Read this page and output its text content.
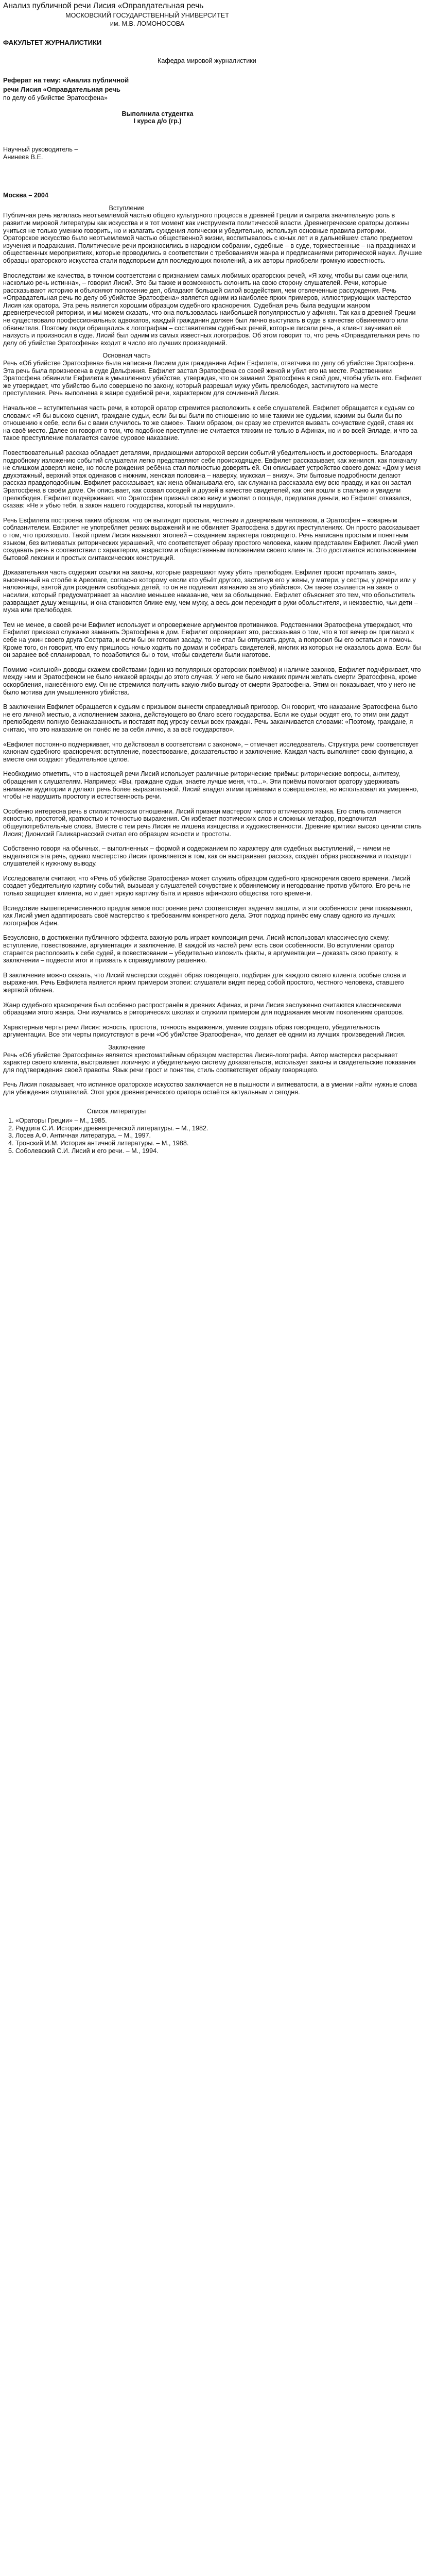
Анализ публичной речи Лисия «Оправдательная речь
МОСКОВСКИЙ ГОСУДАРСТВЕННЫЙ УНИВЕРСИТЕТ
им. М.В. ЛОМОНОСОВА
ФАКУЛЬТЕТ ЖУРНАЛИСТИКИ
Кафедра мировой журналистики
Реферат на тему: «Анализ публичной
речи Лисия «Оправдательная речь
по делу об убийстве Эратосфена»
Выполнила студентка
I курса д/о (гр.)
Научный руководитель –
Анинеев В.Е.
Москва – 2004
Вступление

Публичная речь являлась неотъемлемой частью общего культурного процесса в древней Греции и сыграла значительную роль в развитии мировой литературы как искусства и в тот момент как инструмента политической власти. Древнегреческие ораторы должны учиться не только умению говорить, но и излагать суждения логически и убедительно, используя основные правила риторики. Ораторское искусство было неотъемлемой частью общественной жизни, воспитывалось с юных лет и в дальнейшем стало предметом изучения и подражания. Политические речи произносились в народном собрании, судебные – в суде, торжественные – на праздниках и общественных мероприятиях, которые проводились в соответствии с требованиями жанра и предписаниями риторической науки. Лучшие образцы ораторского искусства стали подспорьем для последующих поколений, а их авторы приобрели громкую известность.

Впоследствии же качества, в точном соответствии с признанием самых любимых ораторских речей, «Я хочу, чтобы вы сами оценили, насколько речь истинна», – говорил Лисий. Это бы также и возможность склонить на свою сторону слушателей. Речи, которые рассказывают историю и объясняют положение дел, обладают большей силой воздействия, чем отвлеченные рассуждения. Речь «Оправдательная речь по делу об убийстве Эратосфена» является одним из наиболее ярких примеров, иллюстрирующих мастерство Лисия как оратора. Эта речь является хорошим образцом судебного красноречия. Судебная речь была ведущим жанром древнегреческой риторики, и мы можем сказать, что она пользовалась наибольшей популярностью у афинян. Так как в древней Греции не существовало профессиональных адвокатов, каждый гражданин должен был лично выступать в суде в качестве обвиняемого или обвинителя. Поэтому люди обращались к логографам – составителям судебных речей, которые писали речь, а клиент заучивал её наизусть и произносил в суде. Лисий был одним из самых известных логографов. Об этом говорит то, что речь «Оправдательная речь по делу об убийстве Эратосфена» входит в число его лучших произведений.

Основная часть

Речь «Об убийстве Эратосфена» была написана Лисием для гражданина Афин Евфилета, ответчика по делу об убийстве Эратосфена. Эта речь была произнесена в суде Дельфиния. Евфилет застал Эратосфена со своей женой и убил его на месте. Родственники Эратосфена обвинили Евфилета в умышленном убийстве, утверждая, что он заманил Эратосфена в свой дом, чтобы убить его. Евфилет же утверждает, что убийство было совершено по закону, который разрешал мужу убить прелюбодея, застигнутого на месте преступления. Речь выполнена в жанре судебной речи, характерном для сочинений Лисия.

Начальное – вступительная часть речи, в которой оратор стремится расположить к себе слушателей. Евфилет обращается к судьям со словами: «Я бы высоко оценил, граждане судьи, если бы вы были по отношению ко мне такими же судьями, какими вы были бы по отношению к себе, если бы с вами случилось то же самое». Таким образом, он сразу же стремится вызвать сочувствие судей, ставя их на своё место. Далее он говорит о том, что подобное преступление считается тяжким не только в Афинах, но и во всей Элладе, и что за такое преступление полагается самое суровое наказание.

Повествовательный рассказ обладает деталями, придающими авторской версии событий убедительность и достоверность. Благодаря подробному изложению событий слушатели легко представляют себе происходящее. Евфилет рассказывает, как женился, как поначалу не слишком доверял жене, но после рождения ребёнка стал полностью доверять ей. Он описывает устройство своего дома: «Дом у меня двухэтажный, верхний этаж одинаков с нижним, женская половина – наверху, мужская – внизу». Эти бытовые подробности делают рассказ правдоподобным. Евфилет рассказывает, как жена обманывала его, как служанка рассказала ему всю правду, и как он застал Эратосфена в своём доме. Он описывает, как созвал соседей и друзей в качестве свидетелей, как они вошли в спальню и увидели прелюбодея. Евфилет подчёркивает, что Эратосфен признал свою вину и умолял о пощаде, предлагая деньги, но Евфилет отказался, сказав: «Не я убью тебя, а закон нашего государства, который ты нарушил».

Речь Евфилета построена таким образом, что он выглядит простым, честным и доверчивым человеком, а Эратосфен – коварным соблазнителем. Евфилет не употребляет резких выражений и не обвиняет Эратосфена в других преступлениях. Он просто рассказывает о том, что произошло. Такой прием Лисия называют этопеей – созданием характера говорящего. Речь написана простым и понятным языком, без витиеватых риторических украшений, что соответствует образу простого человека, каким представлен Евфилет. Лисий умел создавать речь в соответствии с характером, возрастом и общественным положением своего клиента. Это достигается использованием бытовой лексики и простых синтаксических конструкций.

Доказательная часть содержит ссылки на законы, которые разрешают мужу убить прелюбодея. Евфилет просит прочитать закон, высеченный на столбе в Ареопаге, согласно которому «если кто убьёт другого, застигнув его у жены, у матери, у сестры, у дочери или у наложницы, взятой для рождения свободных детей, то он не подлежит изгнанию за это убийство». Он также ссылается на закон о насилии, который предусматривает за насилие меньшее наказание, чем за обольщение. Евфилет объясняет это тем, что обольститель развращает душу женщины, и она становится ближе ему, чем мужу, а весь дом переходит в руки обольстителя, и неизвестно, чьи дети – мужа или прелюбодея.

Тем не менее, в своей речи Евфилет использует и опровержение аргументов противников. Родственники Эратосфена утверждают, что Евфилет приказал служанке заманить Эратосфена в дом. Евфилет опровергает это, рассказывая о том, что в тот вечер он пригласил к себе на ужин своего друга Сострата, и если бы он готовил засаду, то не стал бы отпускать друга, а попросил бы его остаться и помочь. Кроме того, он говорит, что ему пришлось ночью ходить по домам и собирать свидетелей, многих из которых не оказалось дома. Если бы он заранее всё спланировал, то позаботился бы о том, чтобы свидетели были наготове.

Помимо «сильной» доводы скажем свойствами (один из популярных ораторских приёмов) и наличие законов, Евфилет подчёркивает, что между ним и Эратосфеном не было никакой вражды до этого случая. У него не было никаких причин желать смерти Эратосфена, кроме оскорбления, нанесённого ему. Он не стремился получить какую-либо выгоду от смерти Эратосфена. Этим он показывает, что у него не было мотива для умышленного убийства.

В заключении Евфилет обращается к судьям с призывом вынести справедливый приговор. Он говорит, что наказание Эратосфена было не его личной местью, а исполнением закона, действующего во благо всего государства. Если же судьи осудят его, то этим они дадут прелюбодеям полную безнаказанность и поставят под угрозу семьи всех граждан. Речь заканчивается словами: «Поэтому, граждане, я считаю, что это наказание он понёс не за себя лично, а за всё государство».

«Евфилет постоянно подчеркивает, что действовал в соответствии с законом», – отмечает исследователь. Структура речи соответствует канонам судебного красноречия: вступление, повествование, доказательство и заключение. Каждая часть выполняет свою функцию, а вместе они создают убедительное целое.

Необходимо отметить, что в настоящей речи Лисий использует различные риторические приёмы: риторические вопросы, антитезу, обращения к слушателям. Например: «Вы, граждане судьи, знаете лучше меня, что...». Эти приёмы помогают оратору удерживать внимание аудитории и делают речь более выразительной. Лисий владел этими приёмами в совершенстве, но использовал их умеренно, чтобы не нарушить простоту и естественность речи.

Особенно интересна речь в стилистическом отношении. Лисий признан мастером чистого аттического языка. Его стиль отличается ясностью, простотой, краткостью и точностью выражения. Он избегает поэтических слов и сложных метафор, предпочитая общеупотребительные слова. Вместе с тем речь Лисия не лишена изящества и художественности. Древние критики высоко ценили стиль Лисия; Дионисий Галикарнасский считал его образцом ясности и простоты.

Собственно говоря на обычных, – выполненных – формой и содержанием по характеру для судебных выступлений, – ничем не выделяется эта речь, однако мастерство Лисия проявляется в том, как он выстраивает рассказ, создаёт образ рассказчика и подводит слушателей к нужному выводу.

Исследователи считают, что «Речь об убийстве Эратосфена» может служить образцом судебного красноречия своего времени. Лисий создает убедительную картину событий, вызывая у слушателей сочувствие к обвиняемому и негодование против убитого. Его речь не только защищает клиента, но и даёт яркую картину быта и нравов афинского общества того времени.

Вследствие вышеперечисленного предлагаемое построение речи соответствует задачам защиты, и эти особенности речи показывают, как Лисий умел адаптировать своё мастерство к требованиям конкретного дела. Этот подход принёс ему славу одного из лучших логографов Афин.

Безусловно, в достижении публичного эффекта важную роль играет композиция речи. Лисий использовал классическую схему: вступление, повествование, аргументация и заключение. В каждой из частей речи есть свои особенности. Во вступлении оратор старается расположить к себе судей, в повествовании – убедительно изложить факты, в аргументации – доказать свою правоту, в заключении – подвести итог и призвать к справедливому решению.

В заключение можно сказать, что Лисий мастерски создаёт образ говорящего, подбирая для каждого своего клиента особые слова и выражения. Речь Евфилета является ярким примером этопеи: слушатели видят перед собой простого, честного человека, ставшего жертвой обмана.

Жанр судебного красноречия был особенно распространён в древних Афинах, и речи Лисия заслуженно считаются классическими образцами этого жанра. Они изучались в риторических школах и служили примером для подражания многим поколениям ораторов.

Характерные черты речи Лисия: ясность, простота, точность выражения, умение создать образ говорящего, убедительность аргументации. Все эти черты присутствуют в речи «Об убийстве Эратосфена», что делает её одним из лучших произведений Лисия.

Заключение

Речь «Об убийстве Эратосфена» является хрестоматийным образцом мастерства Лисия-логографа. Автор мастерски раскрывает характер своего клиента, выстраивает логичную и убедительную систему доказательств, использует законы и свидетельские показания для подтверждения своей правоты. Язык речи прост и понятен, стиль соответствует образу говорящего.

Речь Лисия показывает, что истинное ораторское искусство заключается не в пышности и витиеватости, а в умении найти нужные слова для убеждения слушателей. Этот урок древнегреческого оратора остаётся актуальным и сегодня.

Список литературы
1. «Ораторы Греции» – М., 1985.
2. Радцига С.И. История древнегреческой литературы. – М., 1982.
3. Лосев А.Ф. Античная литература. – М., 1997.
4. Тронский И.М. История античной литературы. – М., 1988.
5. Соболевский С.И. Лисий и его речи. – М., 1994.
